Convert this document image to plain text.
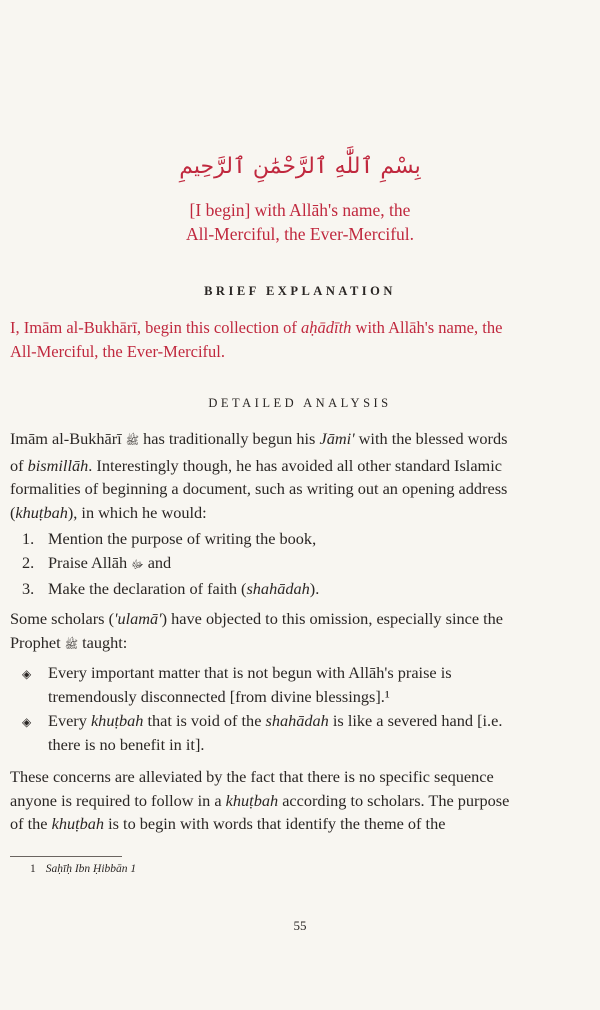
بِسْمِ ٱللَّٰهِ ٱلرَّحْمَٰنِ ٱلرَّحِيمِ
[I begin] with Allāh's name, the
All-Merciful, the Ever-Merciful.
BRIEF EXPLANATION
I, Imām al-Bukhārī, begin this collection of aḥādīth with Allāh's name, the All-Merciful, the Ever-Merciful.
DETAILED ANALYSIS
Imām al-Bukhārī ﷺ has traditionally begun his Jāmi' with the blessed words of bismillāh. Interestingly though, he has avoided all other standard Islamic formalities of beginning a document, such as writing out an opening address (khuṭbah), in which he would:
1. Mention the purpose of writing the book,
2. Praise Allāh ﷻ and
3. Make the declaration of faith (shahādah).
Some scholars ('ulamā') have objected to this omission, especially since the Prophet ﷺ taught:
◈	Every important matter that is not begun with Allāh's praise is tremendously disconnected [from divine blessings].¹
◈	Every khuṭbah that is void of the shahādah is like a severed hand [i.e. there is no benefit in it].
These concerns are alleviated by the fact that there is no specific sequence anyone is required to follow in a khuṭbah according to scholars. The purpose of the khuṭbah is to begin with words that identify the theme of the
1 Saḥīḥ Ibn Ḥibbān 1
55
